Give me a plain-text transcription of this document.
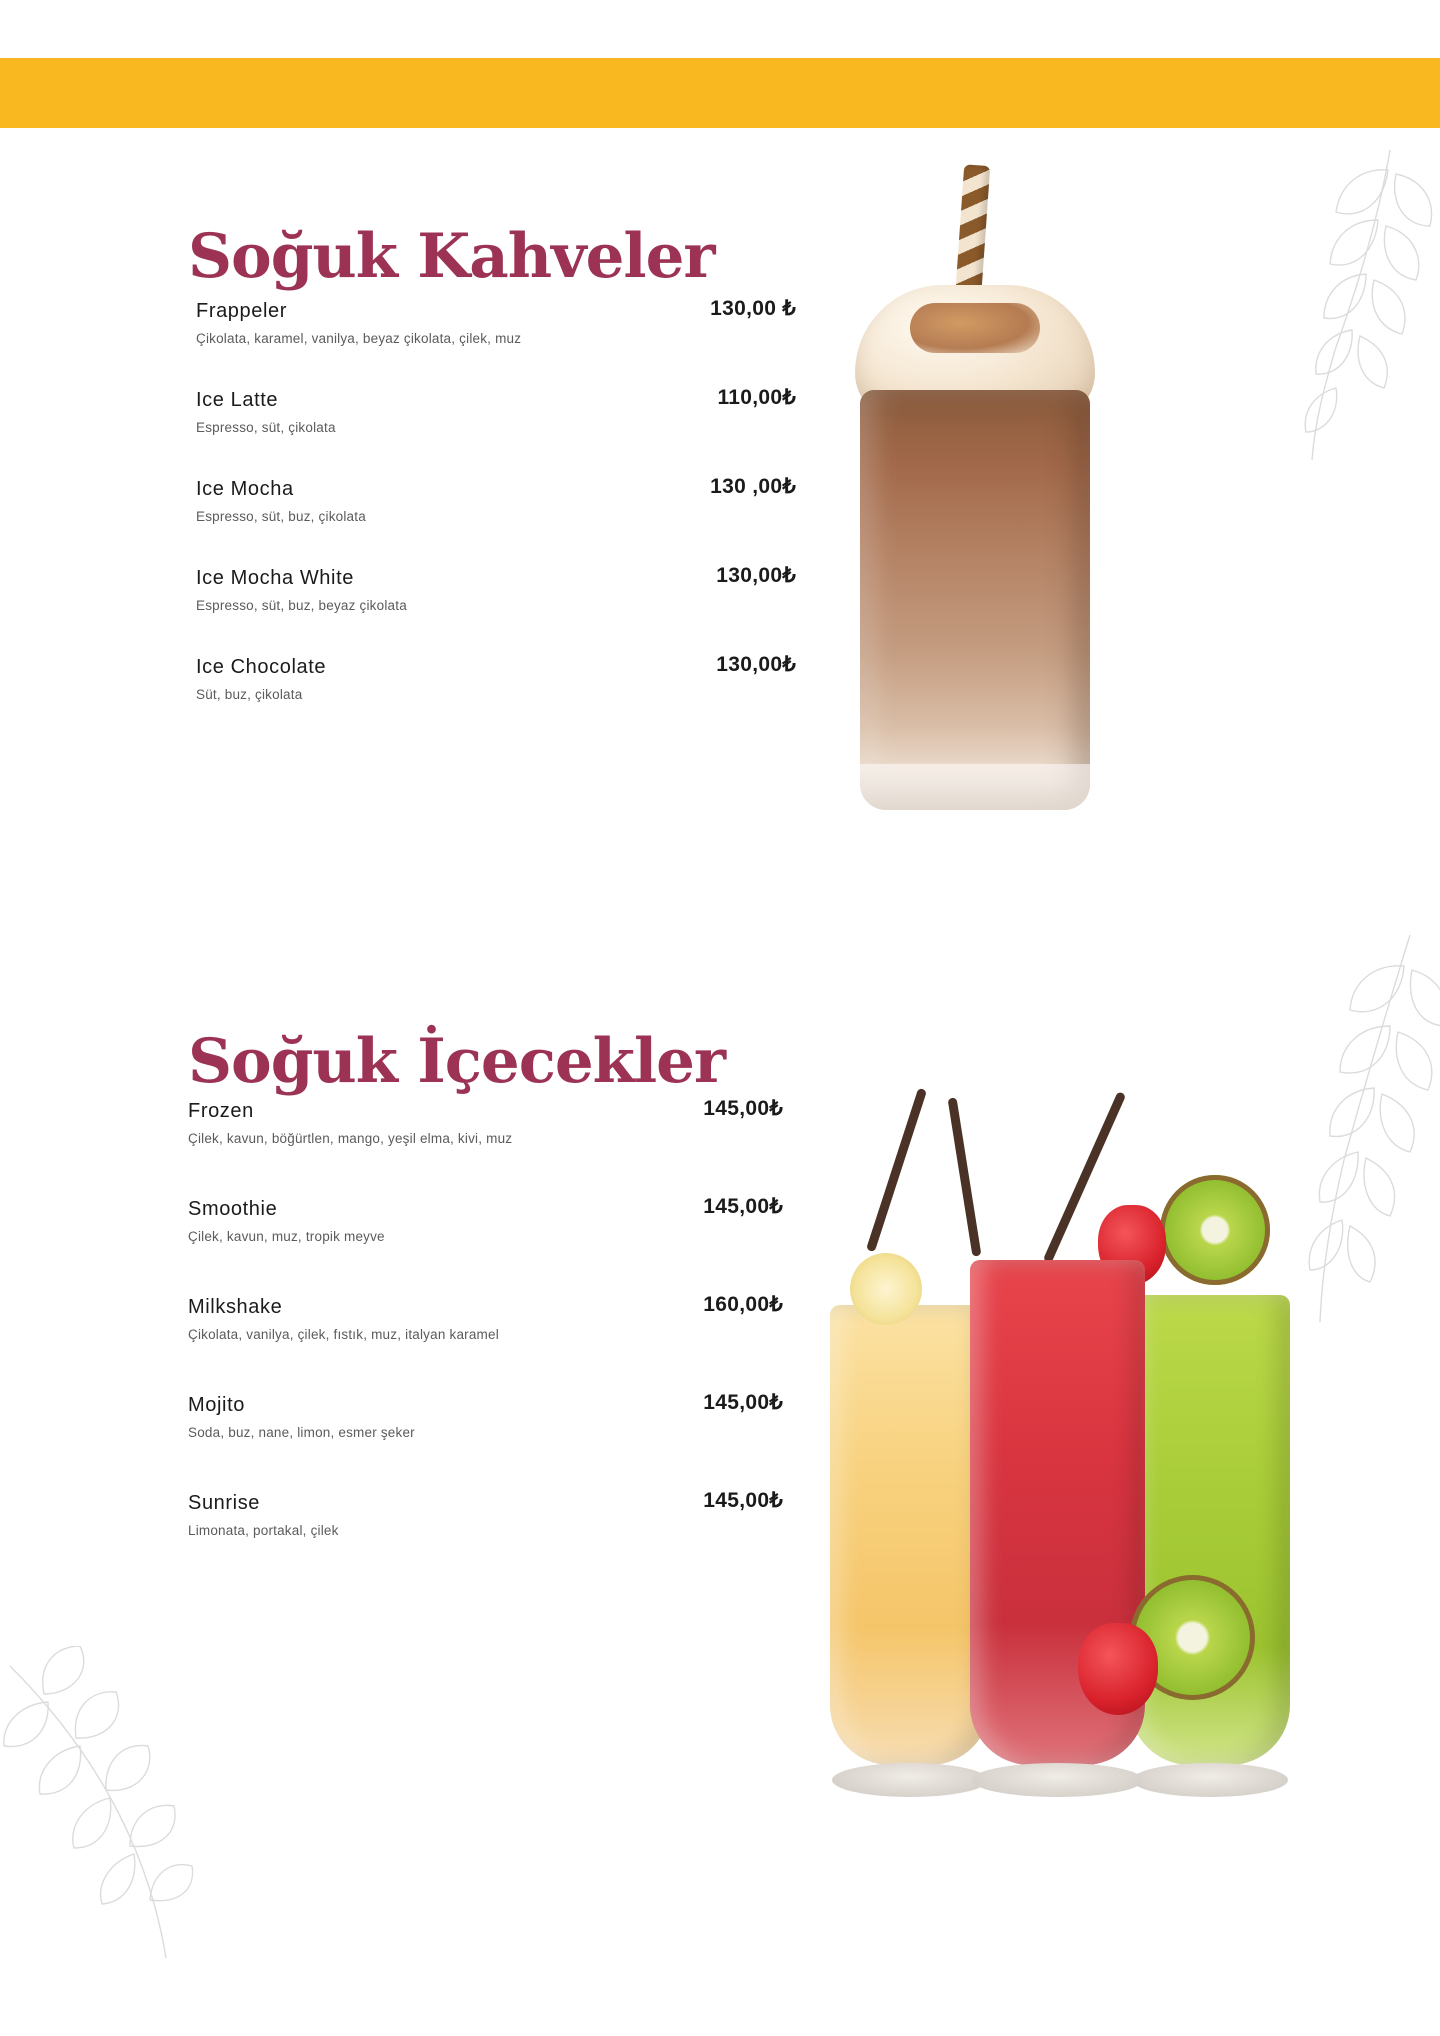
Soğuk Kahveler

Frappeler

Çikolata, karamel, vanilya, beyaz çikolata, çilek, muz

130,00 ₺

Ice Latte

Espresso, süt, çikolata

110,00₺

Ice Mocha

Espresso, süt, buz, çikolata

130 ,00₺

Ice Mocha White

Espresso, süt, buz, beyaz çikolata

130,00₺

Ice Chocolate

Süt, buz, çikolata

130,00₺
Soğuk İçecekler

Frozen

Çilek, kavun, böğürtlen, mango, yeşil elma, kivi, muz

145,00₺

Smoothie

Çilek, kavun, muz, tropik meyve

145,00₺

Milkshake

Çikolata, vanilya, çilek, fıstık, muz, italyan karamel

160,00₺

Mojito

Soda, buz, nane, limon, esmer şeker

145,00₺

Sunrise

Limonata, portakal, çilek

145,00₺
